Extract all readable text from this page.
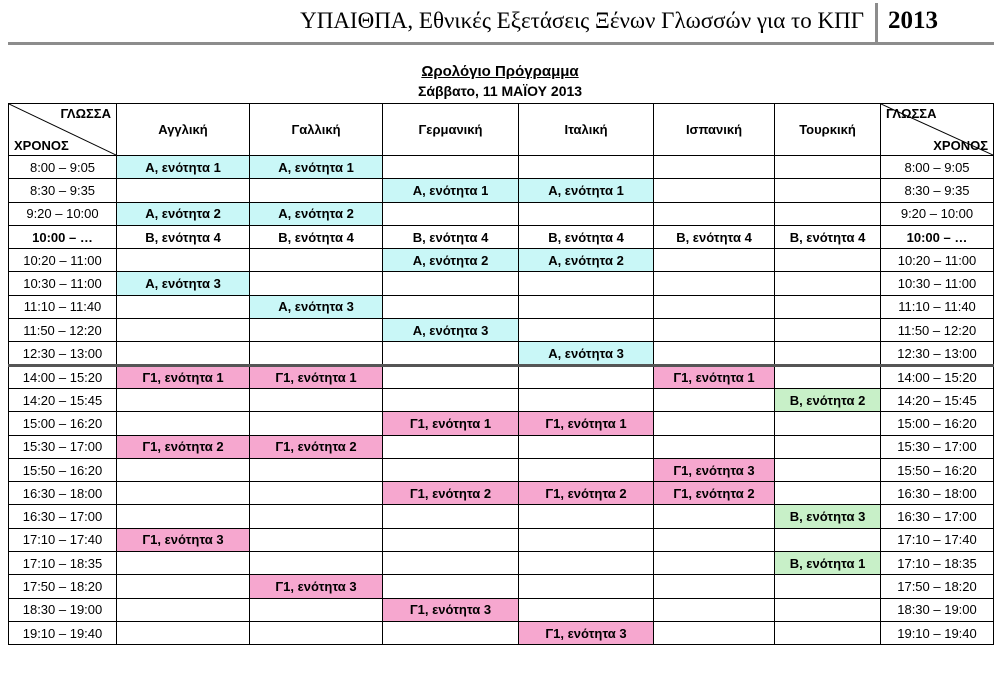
ΥΠΑΙΘΠΑ, Εθνικές Εξετάσεις Ξένων Γλωσσών για το ΚΠΓ 2013
Ωρολόγιο Πρόγραμμα
Σάββατο, 11 ΜΑΪΟΥ 2013
ΓΛΩΣΣΑ
ΧΡΟΝΟΣ	Αγγλική	Γαλλική	Γερμανική	Ιταλική	Ισπανική	Τουρκική	ΓΛΩΣΣΑ
ΧΡΟΝΟΣ

8:00 – 9:05	Α, ενότητα 1	Α, ενότητα 1					8:00 – 9:05
8:30 – 9:35			Α, ενότητα 1	Α, ενότητα 1			8:30 – 9:35
9:20 – 10:00	Α, ενότητα 2	Α, ενότητα 2					9:20 – 10:00
10:00 – …	Β, ενότητα 4	Β, ενότητα 4	Β, ενότητα 4	Β, ενότητα 4	Β, ενότητα 4	Β, ενότητα 4	10:00 – …
10:20 – 11:00			Α, ενότητα 2	Α, ενότητα 2			10:20 – 11:00
10:30 – 11:00	Α, ενότητα 3						10:30 – 11:00
11:10 – 11:40		Α, ενότητα 3					11:10 – 11:40
11:50 – 12:20			Α, ενότητα 3				11:50 – 12:20
12:30 – 13:00				Α, ενότητα 3			12:30 – 13:00
14:00 – 15:20	Γ1, ενότητα 1	Γ1, ενότητα 1			Γ1, ενότητα 1		14:00 – 15:20
14:20 – 15:45						Β, ενότητα 2	14:20 – 15:45
15:00 – 16:20			Γ1, ενότητα 1	Γ1, ενότητα 1			15:00 – 16:20
15:30 – 17:00	Γ1, ενότητα 2	Γ1, ενότητα 2					15:30 – 17:00
15:50 – 16:20					Γ1, ενότητα 3		15:50 – 16:20
16:30 – 18:00			Γ1, ενότητα 2	Γ1, ενότητα 2	Γ1, ενότητα 2		16:30 – 18:00
16:30 – 17:00						Β, ενότητα 3	16:30 – 17:00
17:10 – 17:40	Γ1, ενότητα 3						17:10 – 17:40
17:10 – 18:35						Β, ενότητα 1	17:10 – 18:35
17:50 – 18:20		Γ1, ενότητα 3					17:50 – 18:20
18:30 – 19:00			Γ1, ενότητα 3				18:30 – 19:00
19:10 – 19:40				Γ1, ενότητα 3			19:10 – 19:40
